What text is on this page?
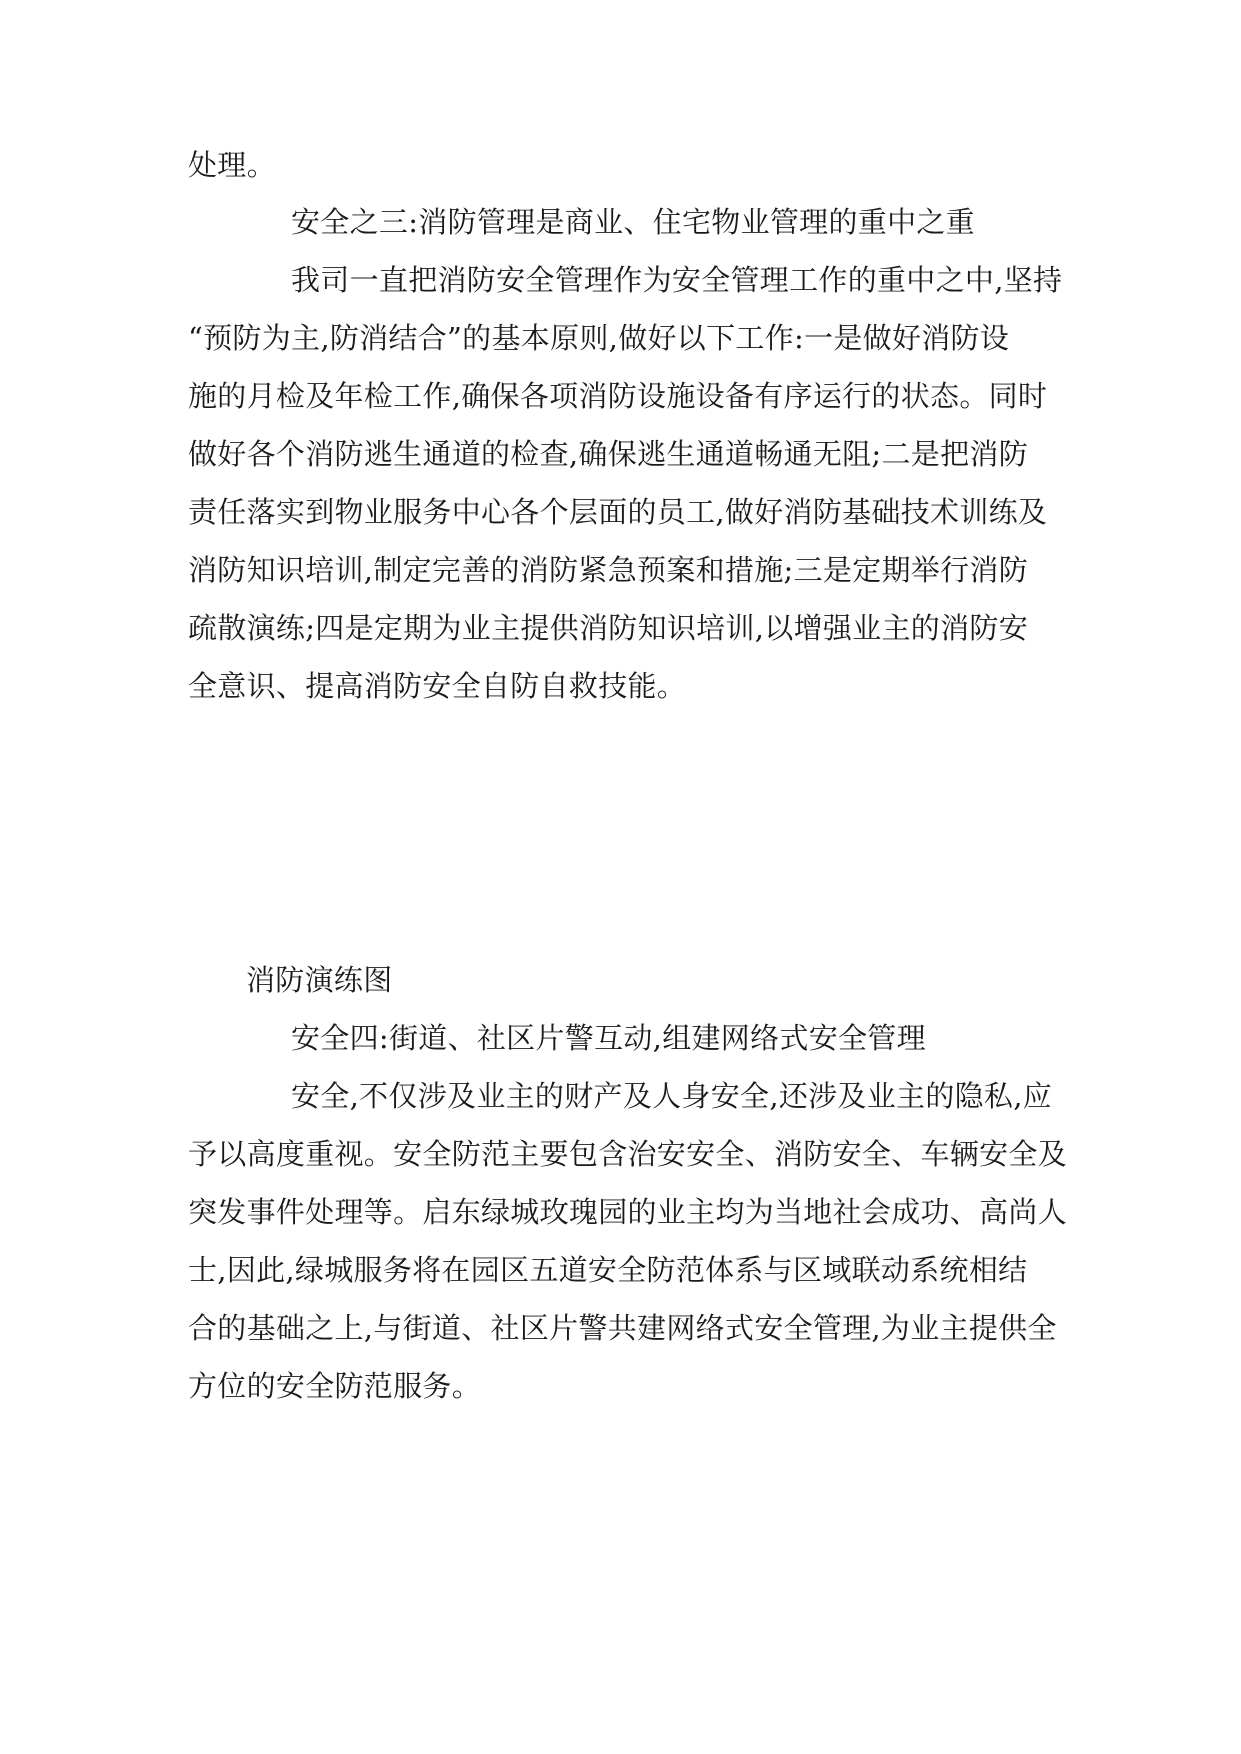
处理。
安全之三:消防管理是商业、住宅物业管理的重中之重
我司一直把消防安全管理作为安全管理工作的重中之中,坚持
“预防为主,防消结合”的基本原则,做好以下工作:一是做好消防设
施的月检及年检工作,确保各项消防设施设备有序运行的状态。同时
做好各个消防逃生通道的检查,确保逃生通道畅通无阻;二是把消防
责任落实到物业服务中心各个层面的员工,做好消防基础技术训练及
消防知识培训,制定完善的消防紧急预案和措施;三是定期举行消防
疏散演练;四是定期为业主提供消防知识培训,以增强业主的消防安
全意识、提高消防安全自防自救技能。
消防演练图
安全四:街道、社区片警互动,组建网络式安全管理
安全,不仅涉及业主的财产及人身安全,还涉及业主的隐私,应
予以高度重视。安全防范主要包含治安安全、消防安全、车辆安全及
突发事件处理等。启东绿城玫瑰园的业主均为当地社会成功、高尚人
士,因此,绿城服务将在园区五道安全防范体系与区域联动系统相结
合的基础之上,与街道、社区片警共建网络式安全管理,为业主提供全
方位的安全防范服务。
